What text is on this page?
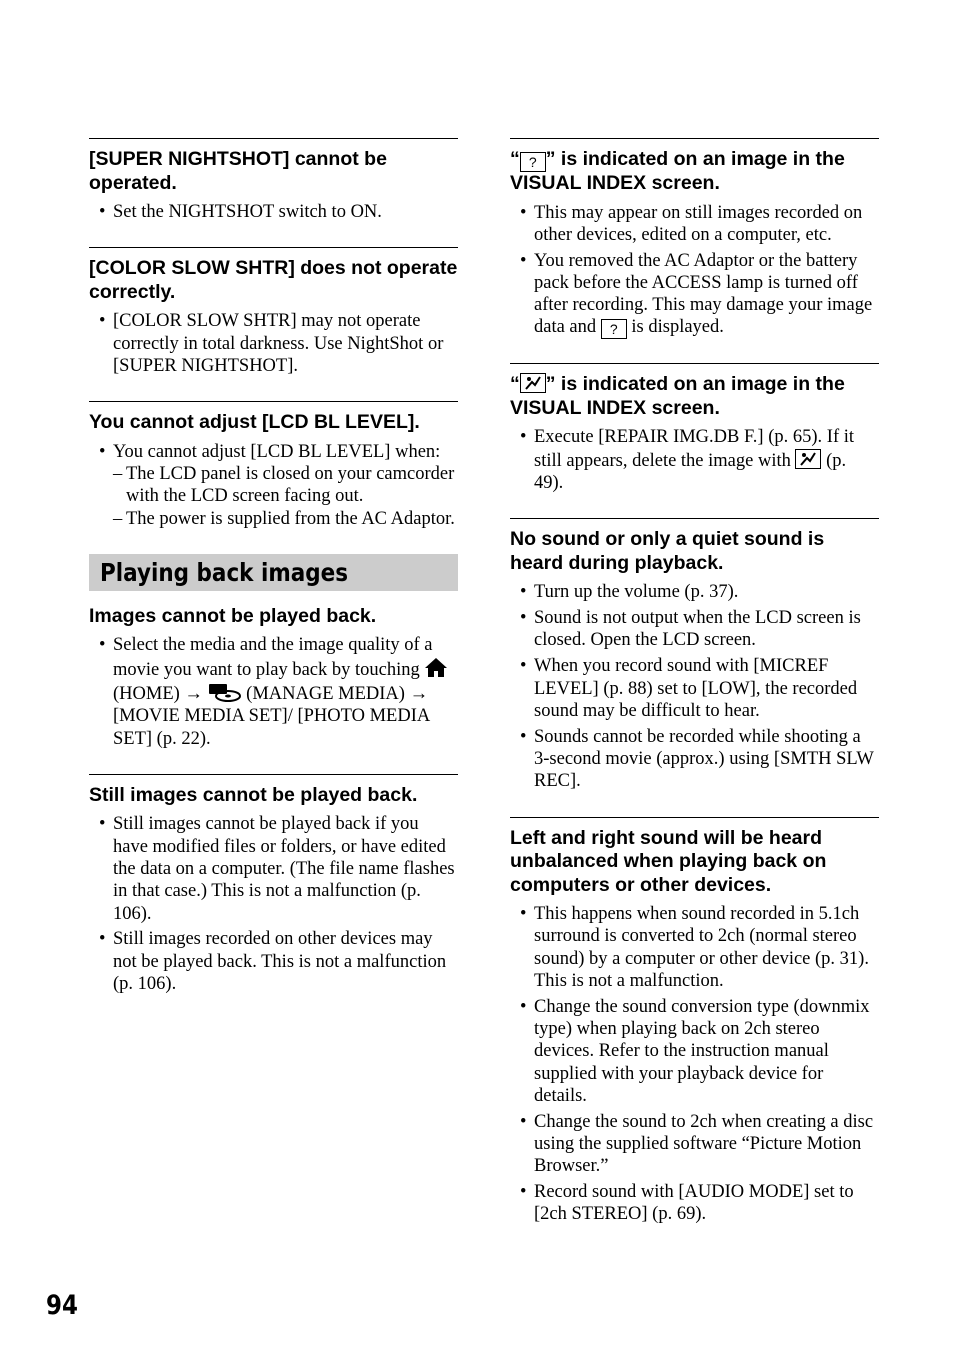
[SUPER NIGHTSHOT] cannot be operated.
• Set the NIGHTSHOT switch to ON.
[COLOR SLOW SHTR] does not operate correctly.
• [COLOR SLOW SHTR] may not operate correctly in total darkness. Use NightShot or [SUPER NIGHTSHOT].
You cannot adjust [LCD BL LEVEL].
• You cannot adjust [LCD BL LEVEL] when:
– The LCD panel is closed on your camcorder with the LCD screen facing out.
– The power is supplied from the AC Adaptor.
Playing back images
Images cannot be played back.
• Select the media and the image quality of a movie you want to play back by touching  (HOME) → (MANAGE MEDIA) → [MOVIE MEDIA SET]/ [PHOTO MEDIA SET] (p. 22).
Still images cannot be played back.
• Still images cannot be played back if you have modified files or folders, or have edited the data on a computer. (The file name flashes in that case.) This is not a malfunction (p. 106).
• Still images recorded on other devices may not be played back. This is not a malfunction (p. 106).
“ ? ” is indicated on an image in the VISUAL INDEX screen.
• This may appear on still images recorded on other devices, edited on a computer, etc.
• You removed the AC Adaptor or the battery pack before the ACCESS lamp is turned off after recording. This may damage your image data and ? is displayed.
“ ” is indicated on an image in the VISUAL INDEX screen.
• Execute [REPAIR IMG.DB F.] (p. 65). If it still appears, delete the image with (p. 49).
No sound or only a quiet sound is heard during playback.
• Turn up the volume (p. 37).
• Sound is not output when the LCD screen is closed. Open the LCD screen.
• When you record sound with [MICREF LEVEL] (p. 88) set to [LOW], the recorded sound may be difficult to hear.
• Sounds cannot be recorded while shooting a 3-second movie (approx.) using [SMTH SLW REC].
Left and right sound will be heard unbalanced when playing back on computers or other devices.
• This happens when sound recorded in 5.1ch surround is converted to 2ch (normal stereo sound) by a computer or other device (p. 31). This is not a malfunction.
• Change the sound conversion type (downmix type) when playing back on 2ch stereo devices. Refer to the instruction manual supplied with your playback device for details.
• Change the sound to 2ch when creating a disc using the supplied software “Picture Motion Browser.”
• Record sound with [AUDIO MODE] set to [2ch STEREO] (p. 69).
94
